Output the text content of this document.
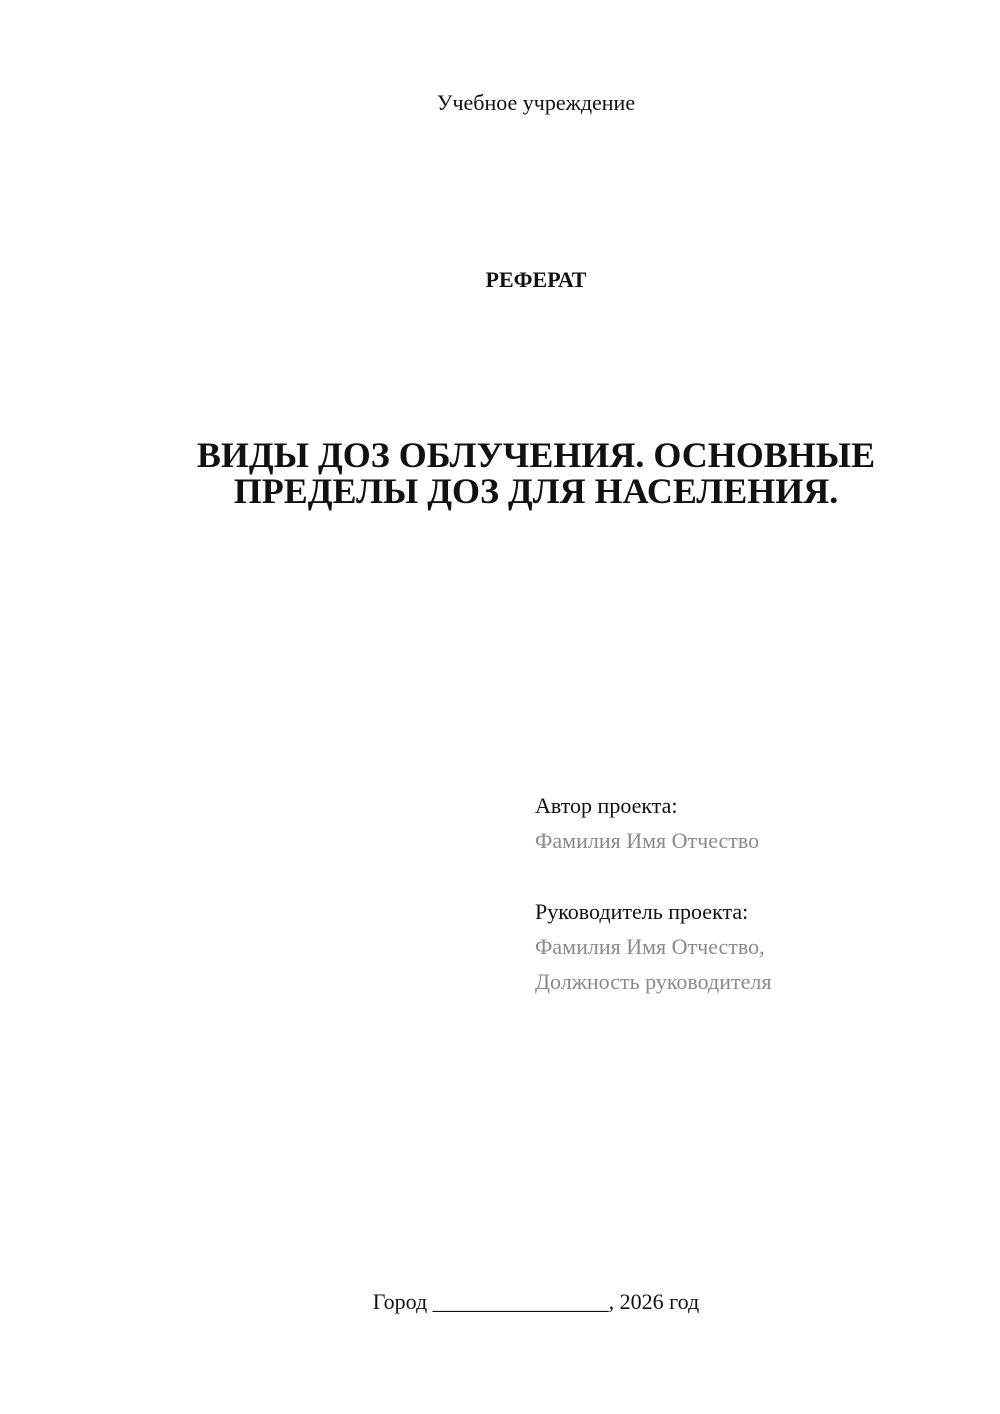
Учебное учреждение
РЕФЕРАТ
ВИДЫ ДОЗ ОБЛУЧЕНИЯ. ОСНОВНЫЕ
ПРЕДЕЛЫ ДОЗ ДЛЯ НАСЕЛЕНИЯ.
Автор проекта:
Фамилия Имя Отчество
Руководитель проекта:
Фамилия Имя Отчество,
Должность руководителя
Город ________________, 2026 год
